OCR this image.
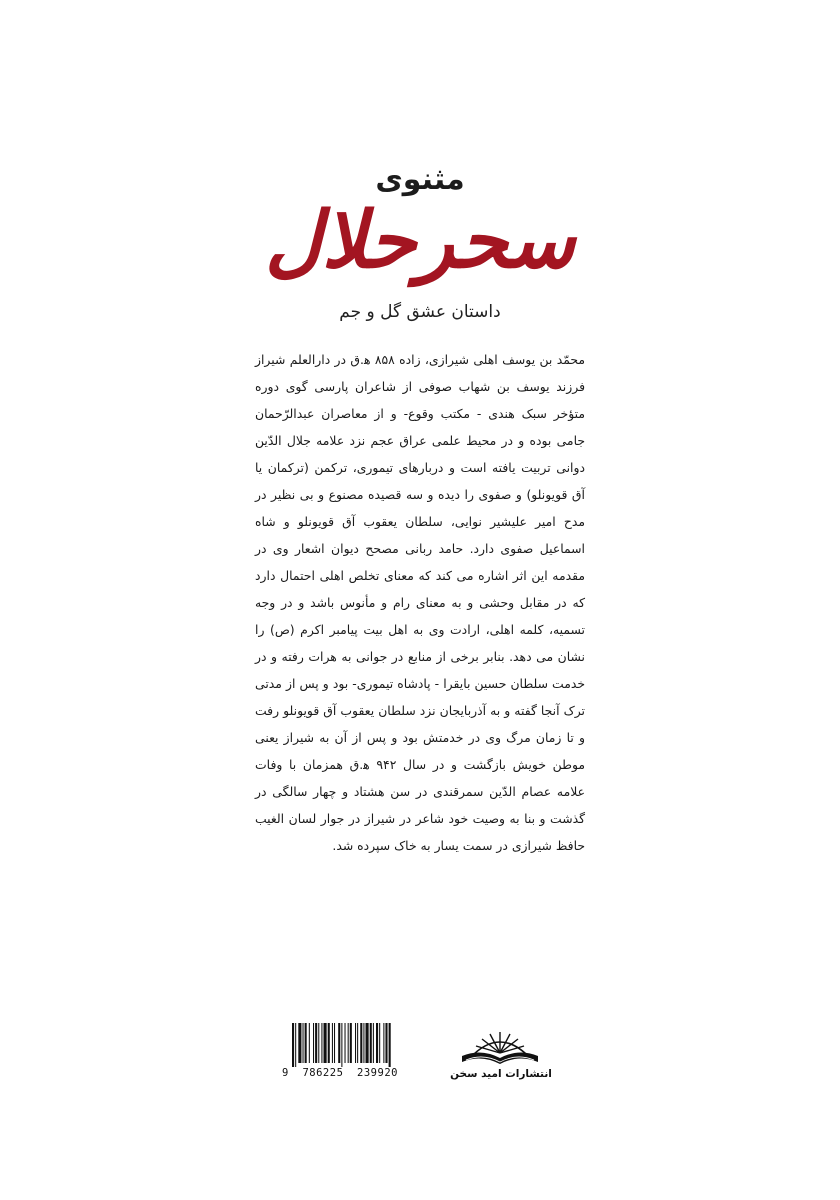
مثنوی
سحرحلال
داستان عشق گل و جم
محمّد بن یوسف اهلی شیرازی، زاده ۸۵۸ ه‍.ق در دارالعلم شیراز فرزند یوسف بن شهاب صوفی از شاعران پارسی گوی دوره متؤخر سبک هندی - مکتب وقوع- و از معاصران عبدالرّحمان جامی بوده و در محیط علمی عراق عجم نزد علامه جلال الدّین دوانی تربیت یافته است و دربارهای تیموری، ترکمن (ترکمان یا آق قویونلو) و صفوی را دیده و سه قصیده مصنوع و بی نظیر در مدح امیر علیشیر نوایی، سلطان یعقوب آق قویونلو و شاه اسماعیل صفوی دارد. حامد ربانی مصحح دیوان اشعار وی در مقدمه این اثر اشاره می کند که معنای تخلص اهلی احتمال دارد که در مقابل وحشی و به معنای رام و مأنوس باشد و در وجه تسمیه، کلمه اهلی، ارادت وی به اهل بیت پیامبر اکرم (ص) را نشان می دهد. بنابر برخی از منابع در جوانی به هرات رفته و در خدمت سلطان حسین بایقرا - پادشاه تیموری- بود و پس از مدتی ترک آنجا گفته و به آذربایجان نزد سلطان یعقوب آق قویونلو رفت و تا زمان مرگ وی در خدمتش بود و پس از آن به شیراز یعنی موطن خویش بازگشت و در سال ۹۴۲ ه‍.ق همزمان با وفات علامه عصام الدّین سمرقندی در سن هشتاد و چهار سالگی در گذشت و بنا به وصیت خود شاعر در شیراز در جوار لسان الغیب حافظ شیرازی در سمت یسار به خاک سپرده شد.
9  786225  239920	انتشارات امید سخن
